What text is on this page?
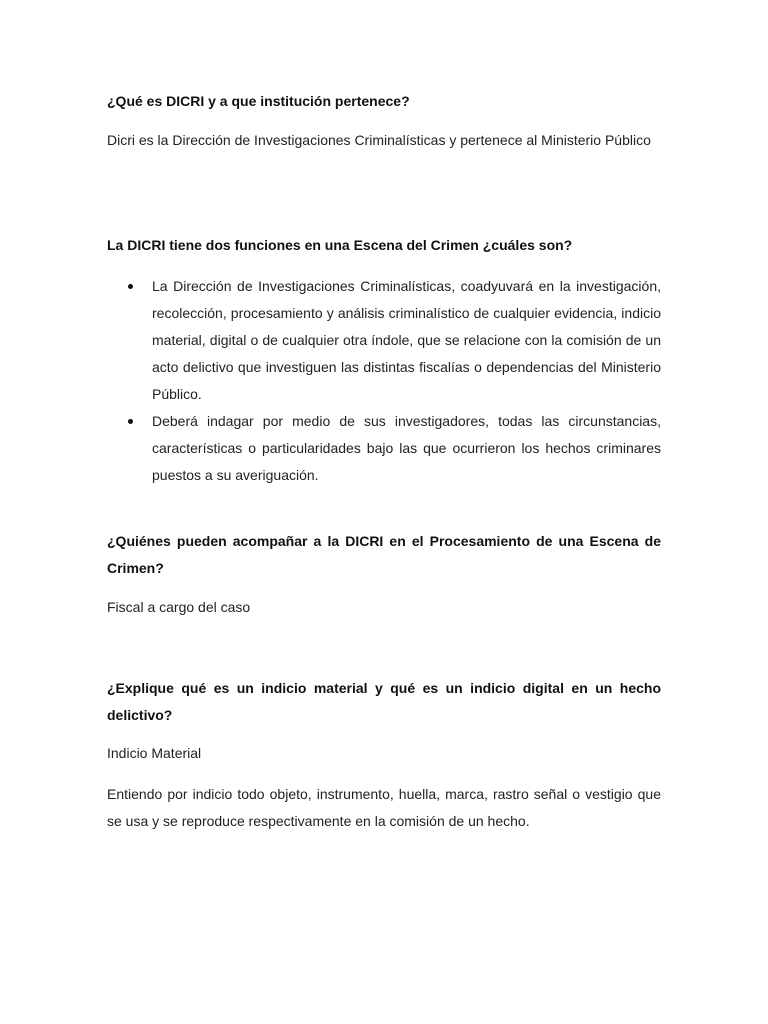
¿Qué es DICRI y a que institución pertenece?
Dicri es la Dirección de Investigaciones Criminalísticas y pertenece al Ministerio Público
La DICRI tiene dos funciones en una Escena del Crimen ¿cuáles son?
La Dirección de Investigaciones Criminalísticas, coadyuvará en la investigación, recolección, procesamiento y análisis criminalístico de cualquier evidencia, indicio material, digital o de cualquier otra índole, que se relacione con la comisión de un acto delictivo que investiguen las distintas fiscalías o dependencias del Ministerio Público.
Deberá indagar por medio de sus investigadores, todas las circunstancias, características o particularidades bajo las que ocurrieron los hechos criminares puestos a su averiguación.
¿Quiénes pueden acompañar a la DICRI en el Procesamiento de una Escena de Crimen?
Fiscal a cargo del caso
¿Explique qué es un indicio material y qué es un indicio digital en un hecho delictivo?
Indicio Material
Entiendo por indicio todo objeto, instrumento, huella, marca, rastro señal o vestigio que se usa y se reproduce respectivamente en la comisión de un hecho.
